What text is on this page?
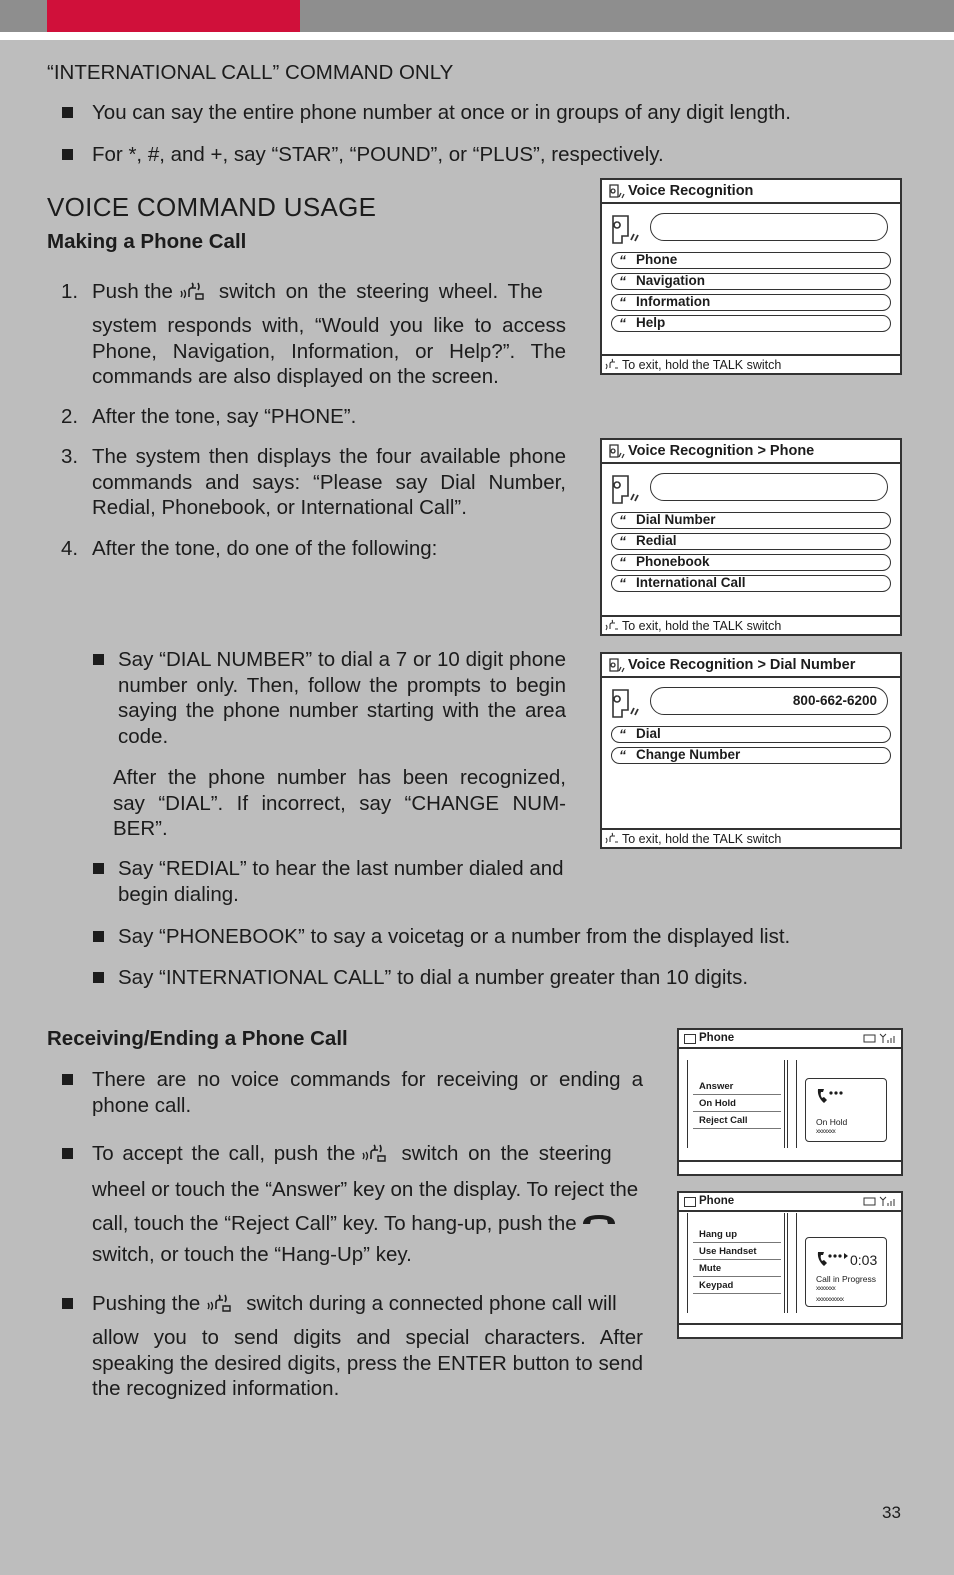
“INTERNATIONAL CALL” COMMAND ONLY
You can say the entire phone number at once or in groups of any digit length.
For *, #, and +, say “STAR”, “POUND”, or “PLUS”, respectively.
VOICE COMMAND USAGE
Making a Phone Call
1. Push the switch on the steering wheel. The
system responds with, “Would you like to access Phone, Navigation, Information, or Help?”. The commands are also displayed on the screen.
2. After the tone, say “PHONE”.
3. The system then displays the four available phone commands and says: “Please say Dial Number, Redial, Phonebook, or International Call”.
4. After the tone, do one of the following:
Say “DIAL NUMBER” to dial a 7 or 10 digit phone number only. Then, follow the prompts to begin saying the phone number starting with the area code.
After the phone number has been recognized, say “DIAL”. If incorrect, say “CHANGE NUM-BER”.
Say “REDIAL” to hear the last number dialed and begin dialing.
Say “PHONEBOOK” to say a voicetag or a number from the displayed list.
Say “INTERNATIONAL CALL” to dial a number greater than 10 digits.
Receiving/Ending a Phone Call
There are no voice commands for receiving or ending a phone call.
To accept the call, push the switch on the steering
wheel or touch the “Answer” key on the display. To reject the
call, touch the “Reject Call” key. To hang-up, push the
switch, or touch the “Hang-Up” key.
Pushing the switch during a connected phone call will
allow you to send digits and special characters. After speaking the desired digits, press the ENTER button to send the recognized information.
Voice Recognition
“ Phone
“ Navigation
“ Information
“ Help
To exit, hold the TALK switch
Voice Recognition > Phone
“ Dial Number
“ Redial
“ Phonebook
“ International Call
To exit, hold the TALK switch
Voice Recognition > Dial Number
800-662-6200
“ Dial
“ Change Number
To exit, hold the TALK switch
Phone
Answer
On Hold
Reject Call	On Hold
xxxxxxx
Phone
Hang up
Use Handset
Mute
Keypad
0:03
Call in Progress
xxxxxxx
xxxxxxxxxx
33
